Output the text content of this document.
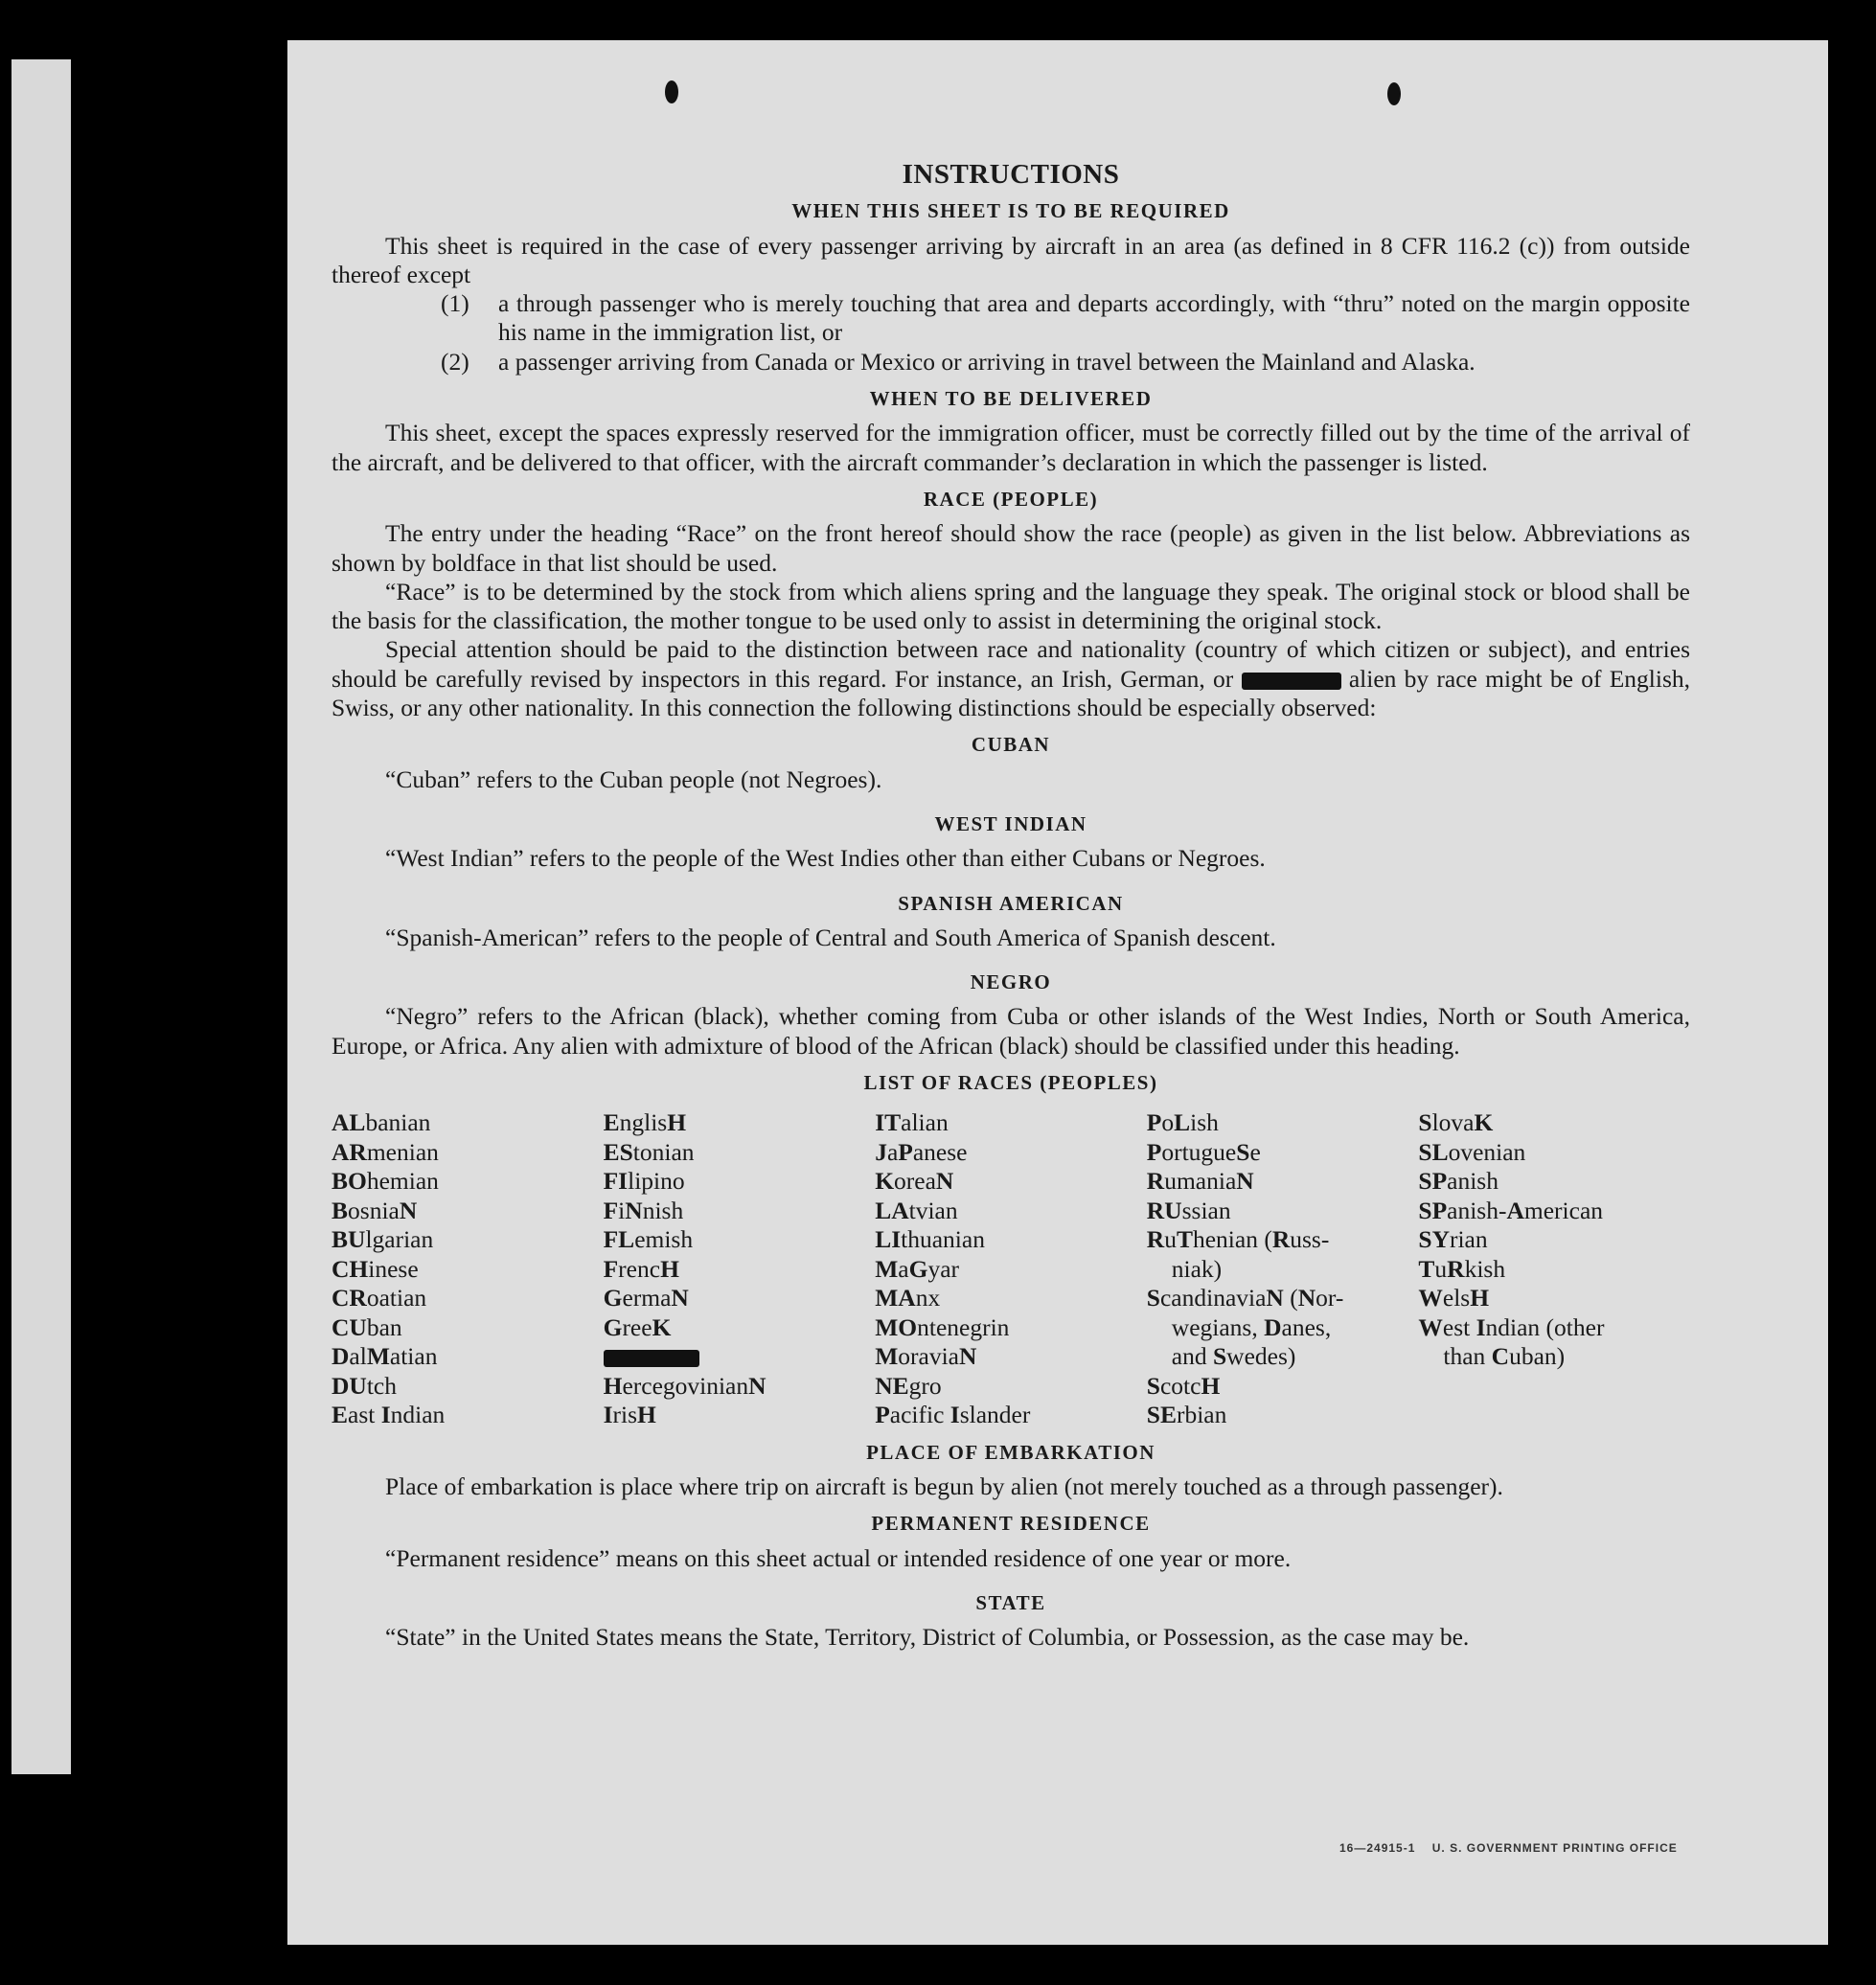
INSTRUCTIONS
WHEN THIS SHEET IS TO BE REQUIRED

This sheet is required in the case of every passenger arriving by aircraft in an area (as defined in 8 CFR 116.2 (c)) from outside thereof except

(1)	a through passenger who is merely touching that area and departs accordingly, with “thru” noted on the margin opposite his name in the immigration list, or
(2)	a passenger arriving from Canada or Mexico or arriving in travel between the Mainland and Alaska.
WHEN TO BE DELIVERED

This sheet, except the spaces expressly reserved for the immigration officer, must be correctly filled out by the time of the arrival of the aircraft, and be delivered to that officer, with the aircraft commander’s declaration in which the passenger is listed.

RACE (PEOPLE)

The entry under the heading “Race” on the front hereof should show the race (people) as given in the list below. Abbreviations as shown by boldface in that list should be used.

“Race” is to be determined by the stock from which aliens spring and the language they speak. The original stock or blood shall be the basis for the classification, the mother tongue to be used only to assist in determining the original stock.

Special attention should be paid to the distinction between race and nationality (country of which citizen or subject), and entries should be carefully revised by inspectors in this regard. For instance, an Irish, German, or	alien by race might be of English, Swiss, or any other nationality. In this connection the following distinctions should be especially observed:

CUBAN

“Cuban” refers to the Cuban people (not Negroes).

WEST INDIAN

“West Indian” refers to the people of the West Indies other than either Cubans or Negroes.

SPANISH AMERICAN

“Spanish-American” refers to the people of Central and South America of Spanish descent.

NEGRO

“Negro” refers to the African (black), whether coming from Cuba or other islands of the West Indies, North or South America, Europe, or Africa. Any alien with admixture of blood of the African (black) should be classified under this heading.

LIST OF RACES (PEOPLES)
ALbanian
ARmenian
BOhemian
BosniaN
BUlgarian
CHinese
CRoatian
CUban
DalMatian
DUtch
East Indian
EnglisH
EStonian
FIlipino
FiNnish
FLemish
FrencH
GermaN
GreeK
HercegovinianN
IrisH
ITalian
JaPanese
KoreaN
LAtvian
LIthuanian
MaGyar
MAnx
MOntenegrin
MoraviaN
NEgro
Pacific Islander
PoLish
PortugueSe
RumaniaN
RUssian
RuThenian (Russ-
niak)
ScandinaviaN (Nor-
wegians, Danes,
and Swedes)
ScotcH
SErbian
SlovaK
SLovenian
SPanish
SPanish-American
SYrian
TuRkish
WelsH
West Indian (other
than Cuban)
PLACE OF EMBARKATION

Place of embarkation is place where trip on aircraft is begun by alien (not merely touched as a through passenger).

PERMANENT RESIDENCE

“Permanent residence” means on this sheet actual or intended residence of one year or more.

STATE

“State” in the United States means the State, Territory, District of Columbia, or Possession, as the case may be.

16—24915-1 U. S. GOVERNMENT PRINTING OFFICE
